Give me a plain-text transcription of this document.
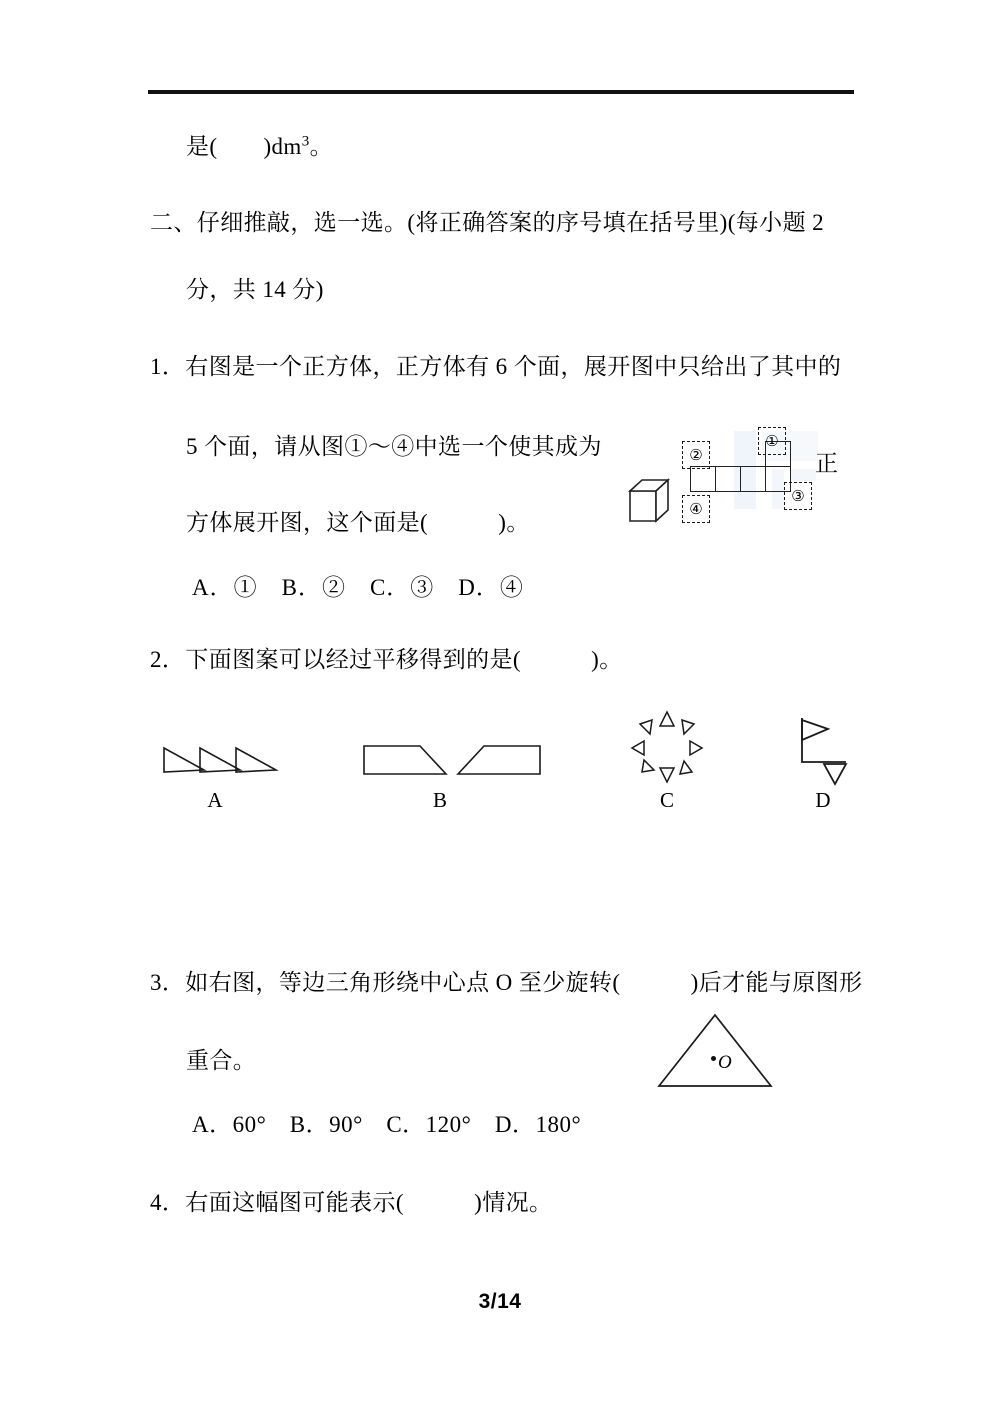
是( )$dm^3$。
二、仔细推敲，选一选。(将正确答案的序号填在括号里)(每小题 2
分，共 14 分)
1．右图是一个正方体，正方体有 6 个面，展开图中只给出了其中的
5 个面，请从图①～④中选一个使其成为
方体展开图，这个面是(　　　)。
A．①　B．②　C．③　D．④
①
②
③
④
正
2．下面图案可以经过平移得到的是(　　　)。
A	B	C	D
3．如右图，等边三角形绕中心点 O 至少旋转(　　　)后才能与原图形
重合。
A．60°　B．90°　C．120°　D．180°
O
4．右面这幅图可能表示(　　　)情况。
3/14
